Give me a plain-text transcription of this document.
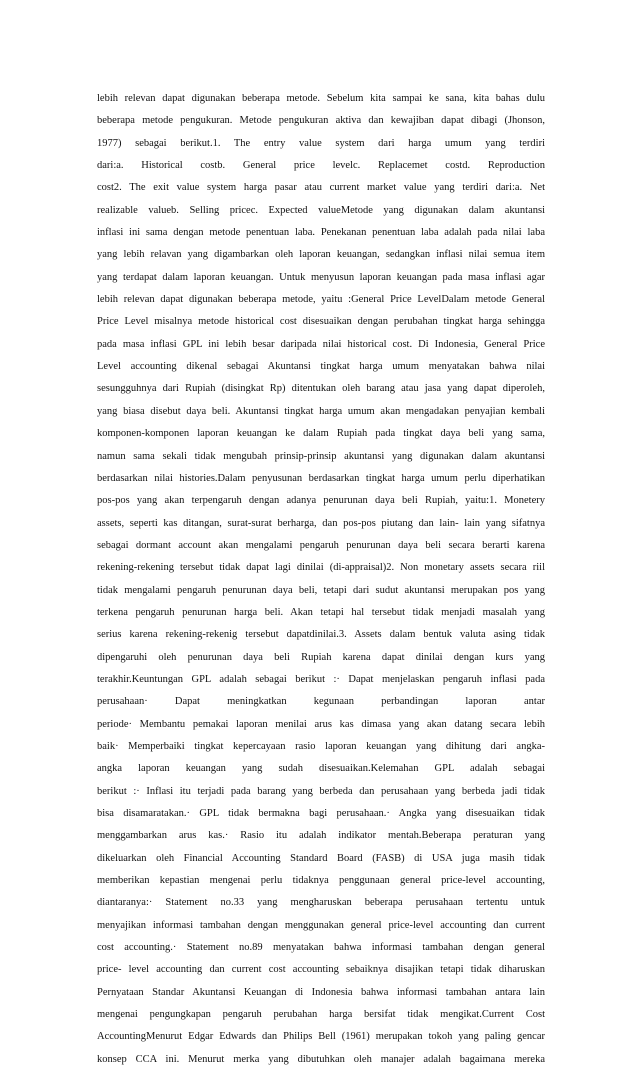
lebih relevan dapat digunakan beberapa metode. Sebelum kita sampai ke sana, kita bahas dulu
beberapa metode pengukuran. Metode pengukuran aktiva dan kewajiban dapat dibagi (Jhonson,
1977) sebagai berikut.1. The entry value system dari harga umum yang terdiri
dari:a. Historical costb. General price levelc. Replacemet costd. Reproduction
cost2. The exit value system harga pasar atau current market value yang terdiri dari:a. Net
realizable valueb. Selling pricec. Expected valueMetode yang digunakan dalam akuntansi
inflasi ini sama dengan metode penentuan laba. Penekanan penentuan laba adalah pada nilai laba
yang lebih relavan yang digambarkan oleh laporan keuangan, sedangkan inflasi nilai semua item
yang terdapat dalam laporan keuangan. Untuk menyusun laporan keuangan pada masa inflasi agar
lebih relevan dapat digunakan beberapa metode, yaitu :General Price LevelDalam metode General
Price Level misalnya metode historical cost disesuaikan dengan perubahan tingkat harga sehingga
pada masa inflasi GPL ini lebih besar daripada nilai historical cost. Di Indonesia, General Price
Level accounting dikenal sebagai Akuntansi tingkat harga umum menyatakan bahwa nilai
sesungguhnya dari Rupiah (disingkat Rp) ditentukan oleh barang atau jasa yang dapat diperoleh,
yang biasa disebut daya beli. Akuntansi tingkat harga umum akan mengadakan penyajian kembali
komponen-komponen laporan keuangan ke dalam Rupiah pada tingkat daya beli yang sama,
namun sama sekali tidak mengubah prinsip-prinsip akuntansi yang digunakan dalam akuntansi
berdasarkan nilai histories.Dalam penyusunan berdasarkan tingkat harga umum perlu diperhatikan
pos-pos yang akan terpengaruh dengan adanya penurunan daya beli Rupiah, yaitu:1. Monetery
assets, seperti kas ditangan, surat-surat berharga, dan pos-pos piutang dan lain- lain yang sifatnya
sebagai dormant account akan mengalami pengaruh penurunan daya beli secara berarti karena
rekening-rekening tersebut tidak dapat lagi dinilai (di-appraisal)2. Non monetary assets secara riil
tidak mengalami pengaruh penurunan daya beli, tetapi dari sudut akuntansi merupakan pos yang
terkena pengaruh penurunan harga beli. Akan tetapi hal tersebut tidak menjadi masalah yang
serius karena rekening-rekenig tersebut dapatdinilai.3. Assets dalam bentuk valuta asing tidak
dipengaruhi oleh penurunan daya beli Rupiah karena dapat dinilai dengan kurs yang
terakhir.Keuntungan GPL adalah sebagai berikut :· Dapat menjelaskan pengaruh inflasi pada
perusahaan· Dapat meningkatkan kegunaan perbandingan laporan antar
periode· Membantu pemakai laporan menilai arus kas dimasa yang akan datang secara lebih
baik· Memperbaiki tingkat kepercayaan rasio laporan keuangan yang dihitung dari angka-
angka laporan keuangan yang sudah disesuaikan.Kelemahan GPL adalah sebagai
berikut :· Inflasi itu terjadi pada barang yang berbeda dan perusahaan yang berbeda jadi tidak
bisa disamaratakan.· GPL tidak bermakna bagi perusahaan.· Angka yang disesuaikan tidak
menggambarkan arus kas.· Rasio itu adalah indikator mentah.Beberapa peraturan yang
dikeluarkan oleh Financial Accounting Standard Board (FASB) di USA juga masih tidak
memberikan kepastian mengenai perlu tidaknya penggunaan general price-level accounting,
diantaranya:· Statement no.33 yang mengharuskan beberapa perusahaan tertentu untuk
menyajikan informasi tambahan dengan menggunakan general price-level accounting dan current
cost accounting.· Statement no.89 menyatakan bahwa informasi tambahan dengan general
price- level accounting dan current cost accounting sebaiknya disajikan tetapi tidak diharuskan
Pernyataan Standar Akuntansi Keuangan di Indonesia bahwa informasi tambahan antara lain
mengenai pengungkapan pengaruh perubahan harga bersifat tidak mengikat.Current Cost
AccountingMenurut Edgar Edwards dan Philips Bell (1961) merupakan tokoh yang paling gencar
konsep CCA ini. Menurut merka yang dibutuhkan oleh manajer adalah bagaimana mereka
